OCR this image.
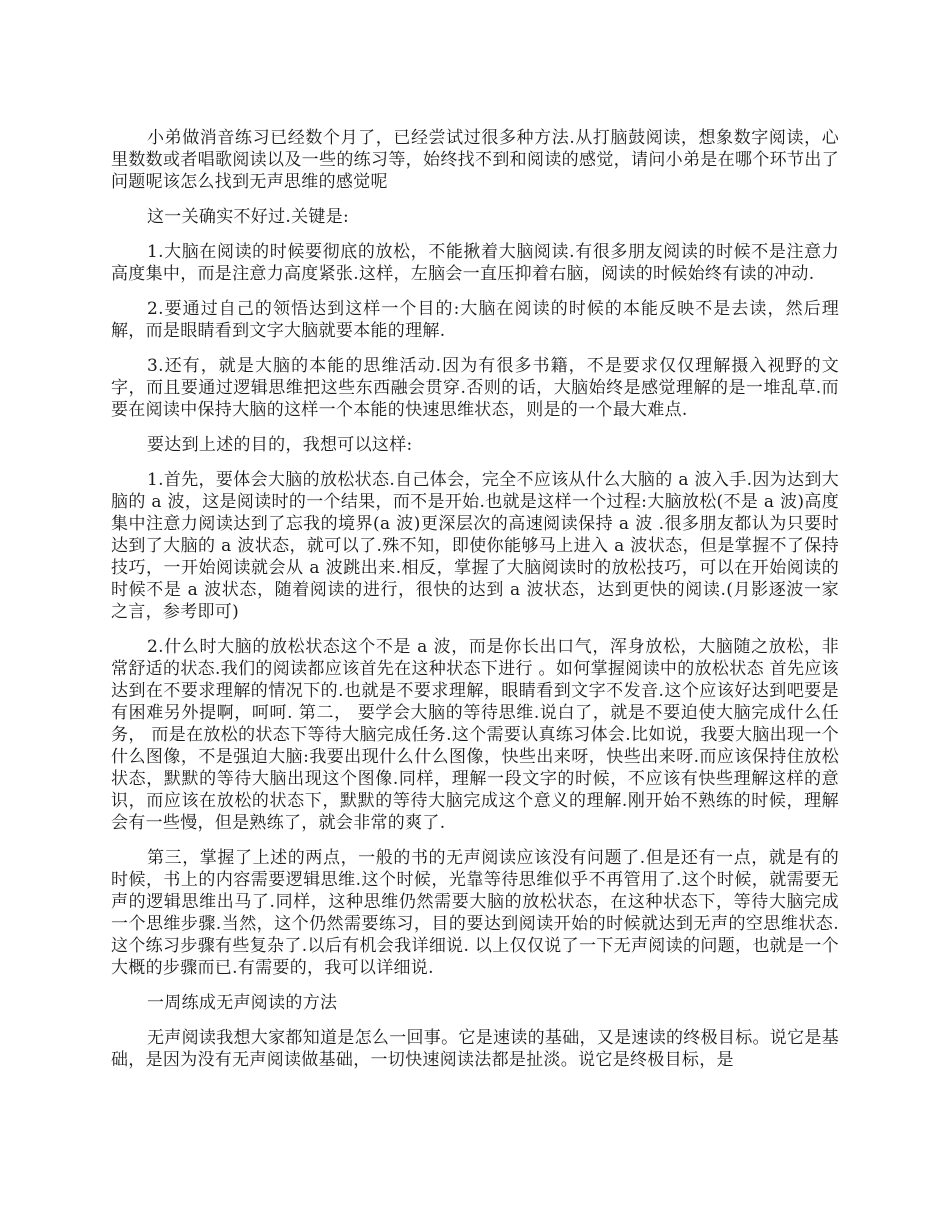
小弟做消音练习已经数个月了，已经尝试过很多种方法.从打脑鼓阅读，想象数字阅读，心里数数或者唱歌阅读以及一些的练习等，始终找不到和阅读的感觉，请问小弟是在哪个环节出了问题呢该怎么找到无声思维的感觉呢

这一关确实不好过.关键是:

1.大脑在阅读的时候要彻底的放松，不能揪着大脑阅读.有很多朋友阅读的时候不是注意力高度集中，而是注意力高度紧张.这样，左脑会一直压抑着右脑，阅读的时候始终有读的冲动.

2.要通过自己的领悟达到这样一个目的:大脑在阅读的时候的本能反映不是去读，然后理解，而是眼睛看到文字大脑就要本能的理解.

3.还有，就是大脑的本能的思维活动.因为有很多书籍，不是要求仅仅理解摄入视野的文字，而且要通过逻辑思维把这些东西融会贯穿.否则的话，大脑始终是感觉理解的是一堆乱草.而要在阅读中保持大脑的这样一个本能的快速思维状态，则是的一个最大难点.

要达到上述的目的，我想可以这样:

1.首先，要体会大脑的放松状态.自己体会，完全不应该从什么大脑的 a 波入手.因为达到大脑的 a 波，这是阅读时的一个结果，而不是开始.也就是这样一个过程:大脑放松(不是 a 波)高度集中注意力阅读达到了忘我的境界(a 波)更深层次的高速阅读保持 a 波 .很多朋友都认为只要时达到了大脑的 a 波状态，就可以了.殊不知，即使你能够马上进入 a 波状态，但是掌握不了保持技巧，一开始阅读就会从 a 波跳出来.相反，掌握了大脑阅读时的放松技巧，可以在开始阅读的时候不是 a 波状态，随着阅读的进行，很快的达到 a 波状态，达到更快的阅读.(月影逐波一家之言，参考即可)

2.什么时大脑的放松状态这个不是 a 波，而是你长出口气，浑身放松，大脑随之放松，非常舒适的状态.我们的阅读都应该首先在这种状态下进行 。如何掌握阅读中的放松状态 首先应该达到在不要求理解的情况下的.也就是不要求理解，眼睛看到文字不发音.这个应该好达到吧要是有困难另外提啊，呵呵. 第二， 要学会大脑的等待思维.说白了，就是不要迫使大脑完成什么任务， 而是在放松的状态下等待大脑完成任务.这个需要认真练习体会.比如说，我要大脑出现一个什么图像，不是强迫大脑:我要出现什么什么图像，快些出来呀，快些出来呀.而应该保持住放松状态，默默的等待大脑出现这个图像.同样，理解一段文字的时候，不应该有快些理解这样的意识，而应该在放松的状态下，默默的等待大脑完成这个意义的理解.刚开始不熟练的时候，理解会有一些慢，但是熟练了，就会非常的爽了.

第三，掌握了上述的两点，一般的书的无声阅读应该没有问题了.但是还有一点，就是有的时候，书上的内容需要逻辑思维.这个时候，光靠等待思维似乎不再管用了.这个时候，就需要无声的逻辑思维出马了.同样，这种思维仍然需要大脑的放松状态，在这种状态下，等待大脑完成一个思维步骤.当然，这个仍然需要练习，目的要达到阅读开始的时候就达到无声的空思维状态.这个练习步骤有些复杂了.以后有机会我详细说. 以上仅仅说了一下无声阅读的问题，也就是一个大概的步骤而已.有需要的，我可以详细说.

一周练成无声阅读的方法

无声阅读我想大家都知道是怎么一回事。它是速读的基础，又是速读的终极目标。说它是基础，是因为没有无声阅读做基础，一切快速阅读法都是扯淡。说它是终极目标，是
